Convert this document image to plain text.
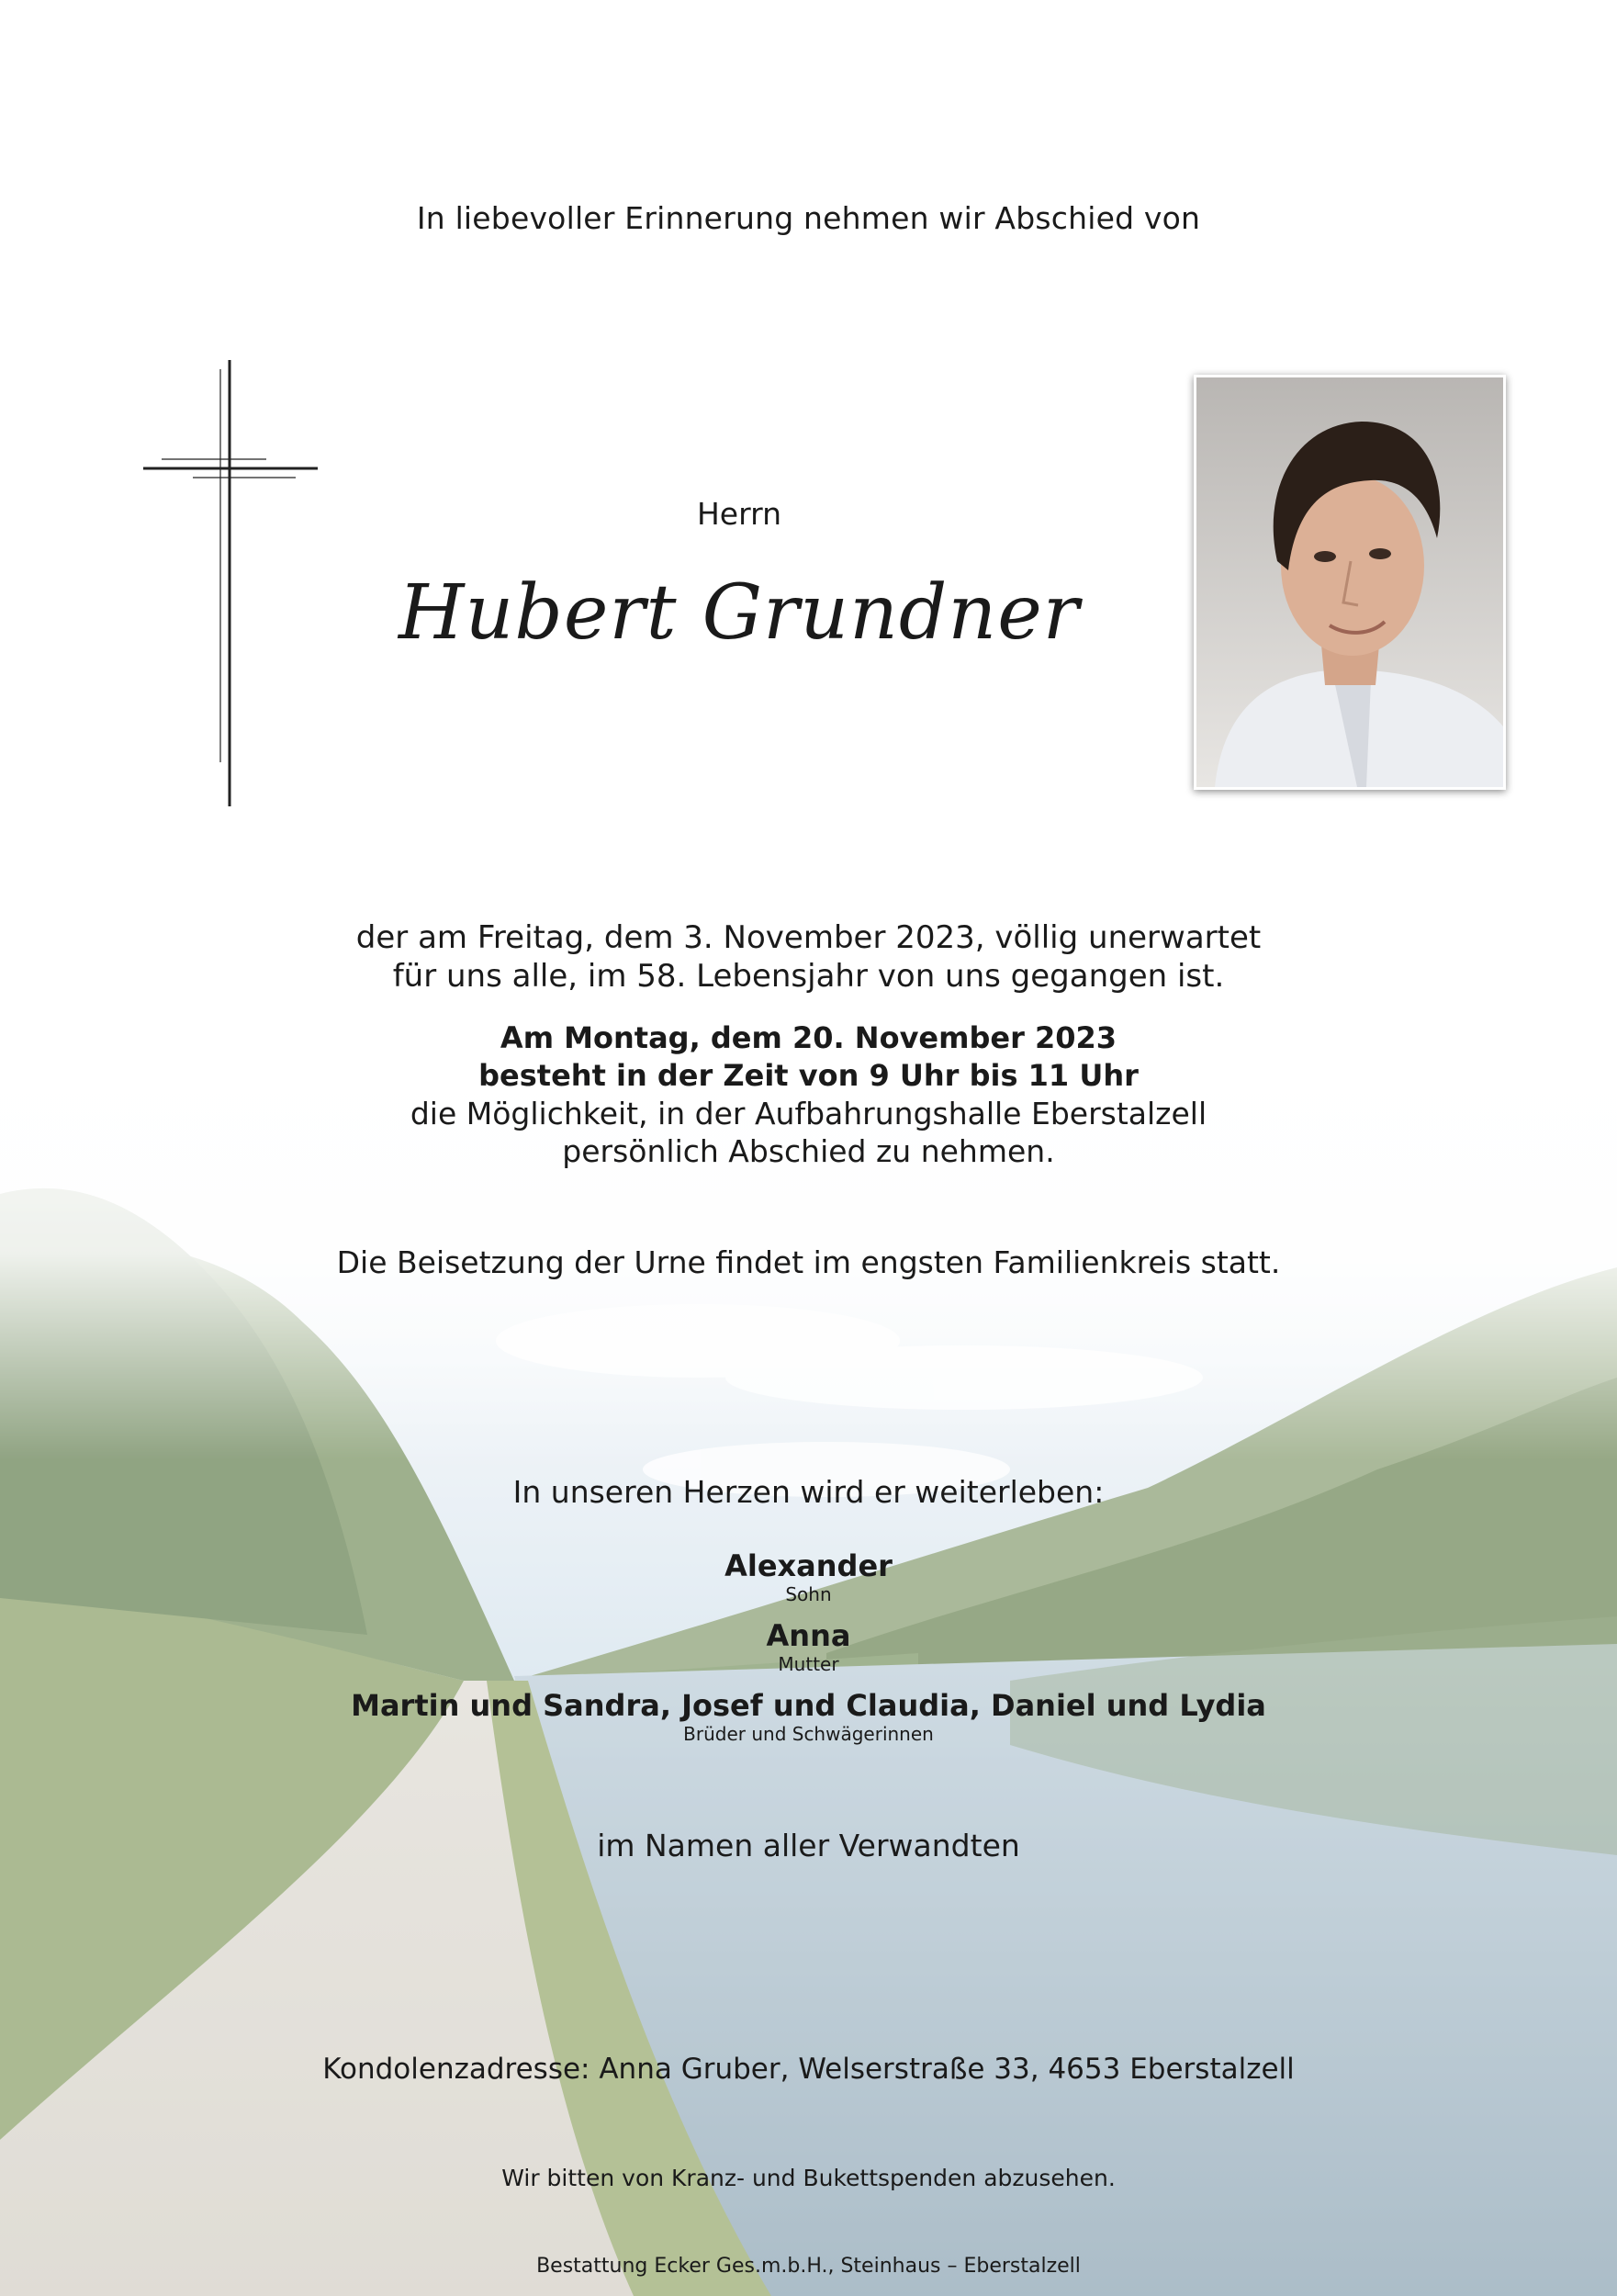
In liebevoller Erinnerung nehmen wir Abschied von
Herrn
Hubert Grundner
der am Freitag, dem 3. November 2023, völlig unerwartet
für uns alle, im 58. Lebensjahr von uns gegangen ist.
Am Montag, dem 20. November 2023
besteht in der Zeit von 9 Uhr bis 11 Uhr
die Möglichkeit, in der Aufbahrungshalle Eberstalzell
persönlich Abschied zu nehmen.
Die Beisetzung der Urne findet im engsten Familienkreis statt.
In unseren Herzen wird er weiterleben:
Alexander
Sohn
Anna
Mutter
Martin und Sandra, Josef und Claudia, Daniel und Lydia
Brüder und Schwägerinnen
im Namen aller Verwandten
Kondolenzadresse: Anna Gruber, Welserstraße 33, 4653 Eberstalzell
Wir bitten von Kranz- und Bukettspenden abzusehen.
Bestattung Ecker Ges.m.b.H., Steinhaus – Eberstalzell
